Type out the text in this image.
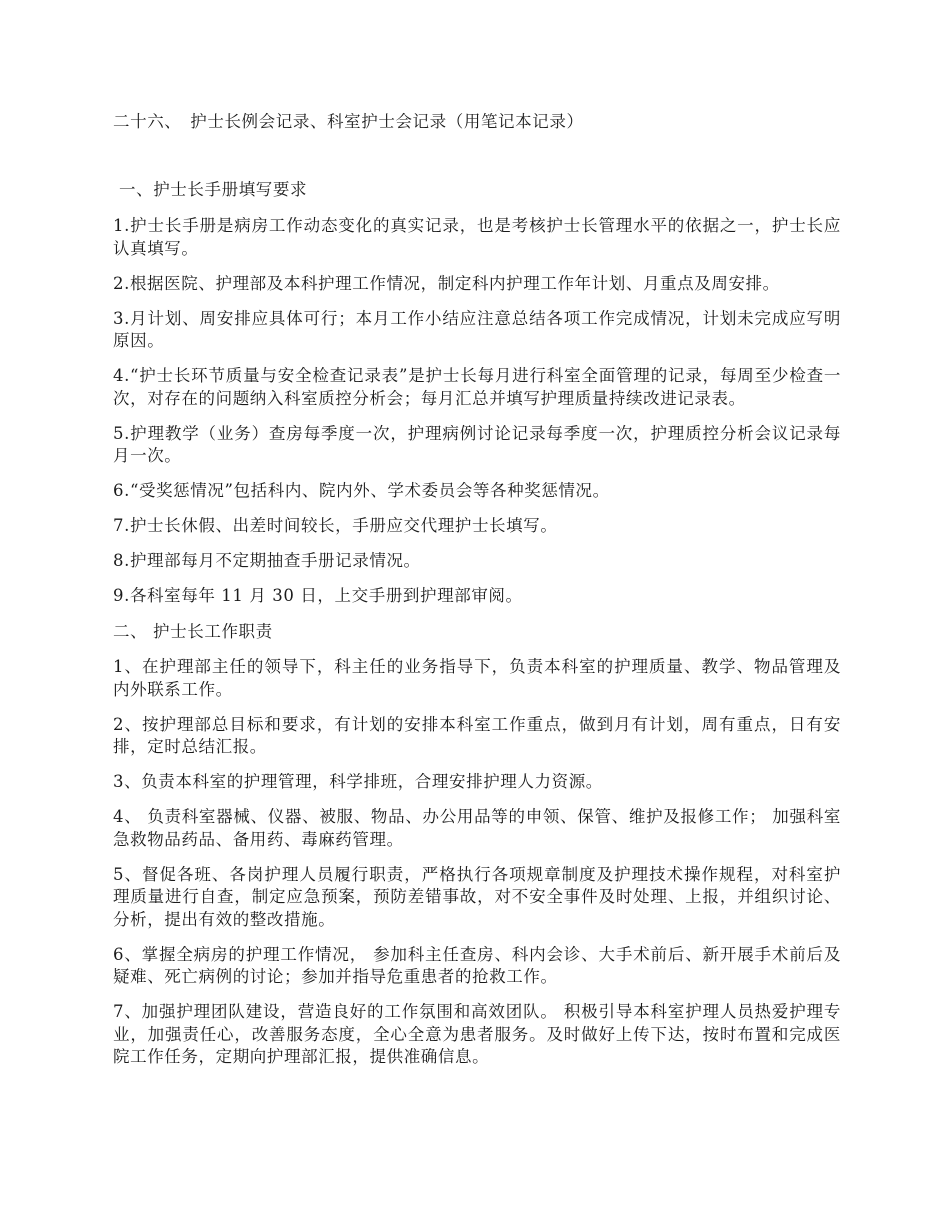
二十六、　护士长例会记录、科室护士会记录（用笔记本记录）
一、护士长手册填写要求

1.护士长手册是病房工作动态变化的真实记录，也是考核护士长管理水平的依据之一，护士长应认真填写。

2.根据医院、护理部及本科护理工作情况，制定科内护理工作年计划、月重点及周安排。

3.月计划、周安排应具体可行；本月工作小结应注意总结各项工作完成情况，计划未完成应写明原因。

4.“护士长环节质量与安全检查记录表”是护士长每月进行科室全面管理的记录，每周至少检查一次，对存在的问题纳入科室质控分析会；每月汇总并填写护理质量持续改进记录表。

5.护理教学（业务）查房每季度一次，护理病例讨论记录每季度一次，护理质控分析会议记录每月一次。

6.“受奖惩情况”包括科内、院内外、学术委员会等各种奖惩情况。

7.护士长休假、出差时间较长，手册应交代理护士长填写。

8.护理部每月不定期抽查手册记录情况。

9.各科室每年 11 月 30 日，上交手册到护理部审阅。

二、 护士长工作职责

1、在护理部主任的领导下，科主任的业务指导下，负责本科室的护理质量、教学、物品管理及内外联系工作。

2、按护理部总目标和要求，有计划的安排本科室工作重点，做到月有计划，周有重点，日有安排，定时总结汇报。

3、负责本科室的护理管理，科学排班，合理安排护理人力资源。

4、 负责科室器械、仪器、被服、物品、办公用品等的申领、保管、维护及报修工作； 加强科室急救物品药品、备用药、毒麻药管理。

5、督促各班、各岗护理人员履行职责，严格执行各项规章制度及护理技术操作规程，对科室护理质量进行自查，制定应急预案，预防差错事故，对不安全事件及时处理、上报，并组织讨论、分析，提出有效的整改措施。

6、掌握全病房的护理工作情况， 参加科主任查房、科内会诊、大手术前后、新开展手术前后及疑难、死亡病例的讨论；参加并指导危重患者的抢救工作。

7、加强护理团队建设，营造良好的工作氛围和高效团队。 积极引导本科室护理人员热爱护理专业，加强责任心，改善服务态度，全心全意为患者服务。及时做好上传下达，按时布置和完成医院工作任务，定期向护理部汇报，提供准确信息。
